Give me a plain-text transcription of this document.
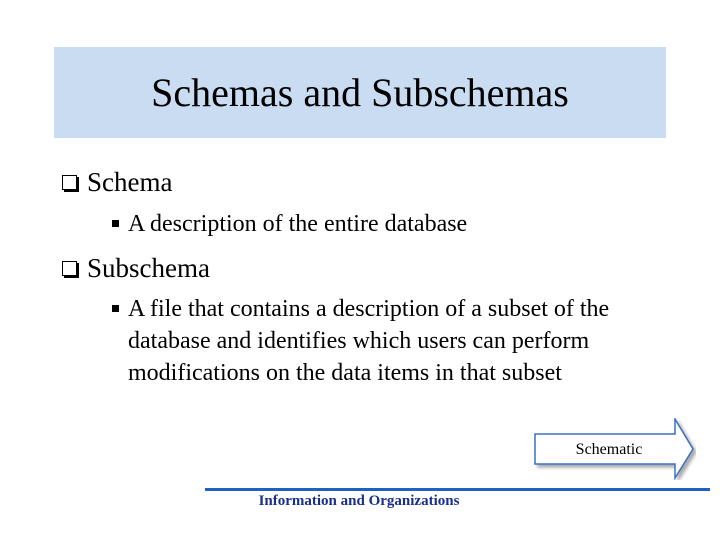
Schemas and Subschemas
Schema
A description of the entire database
Subschema
A file that contains a description of a subset of the database and identifies which users can perform modifications on the data items in that subset
Schematic
Information and Organizations
